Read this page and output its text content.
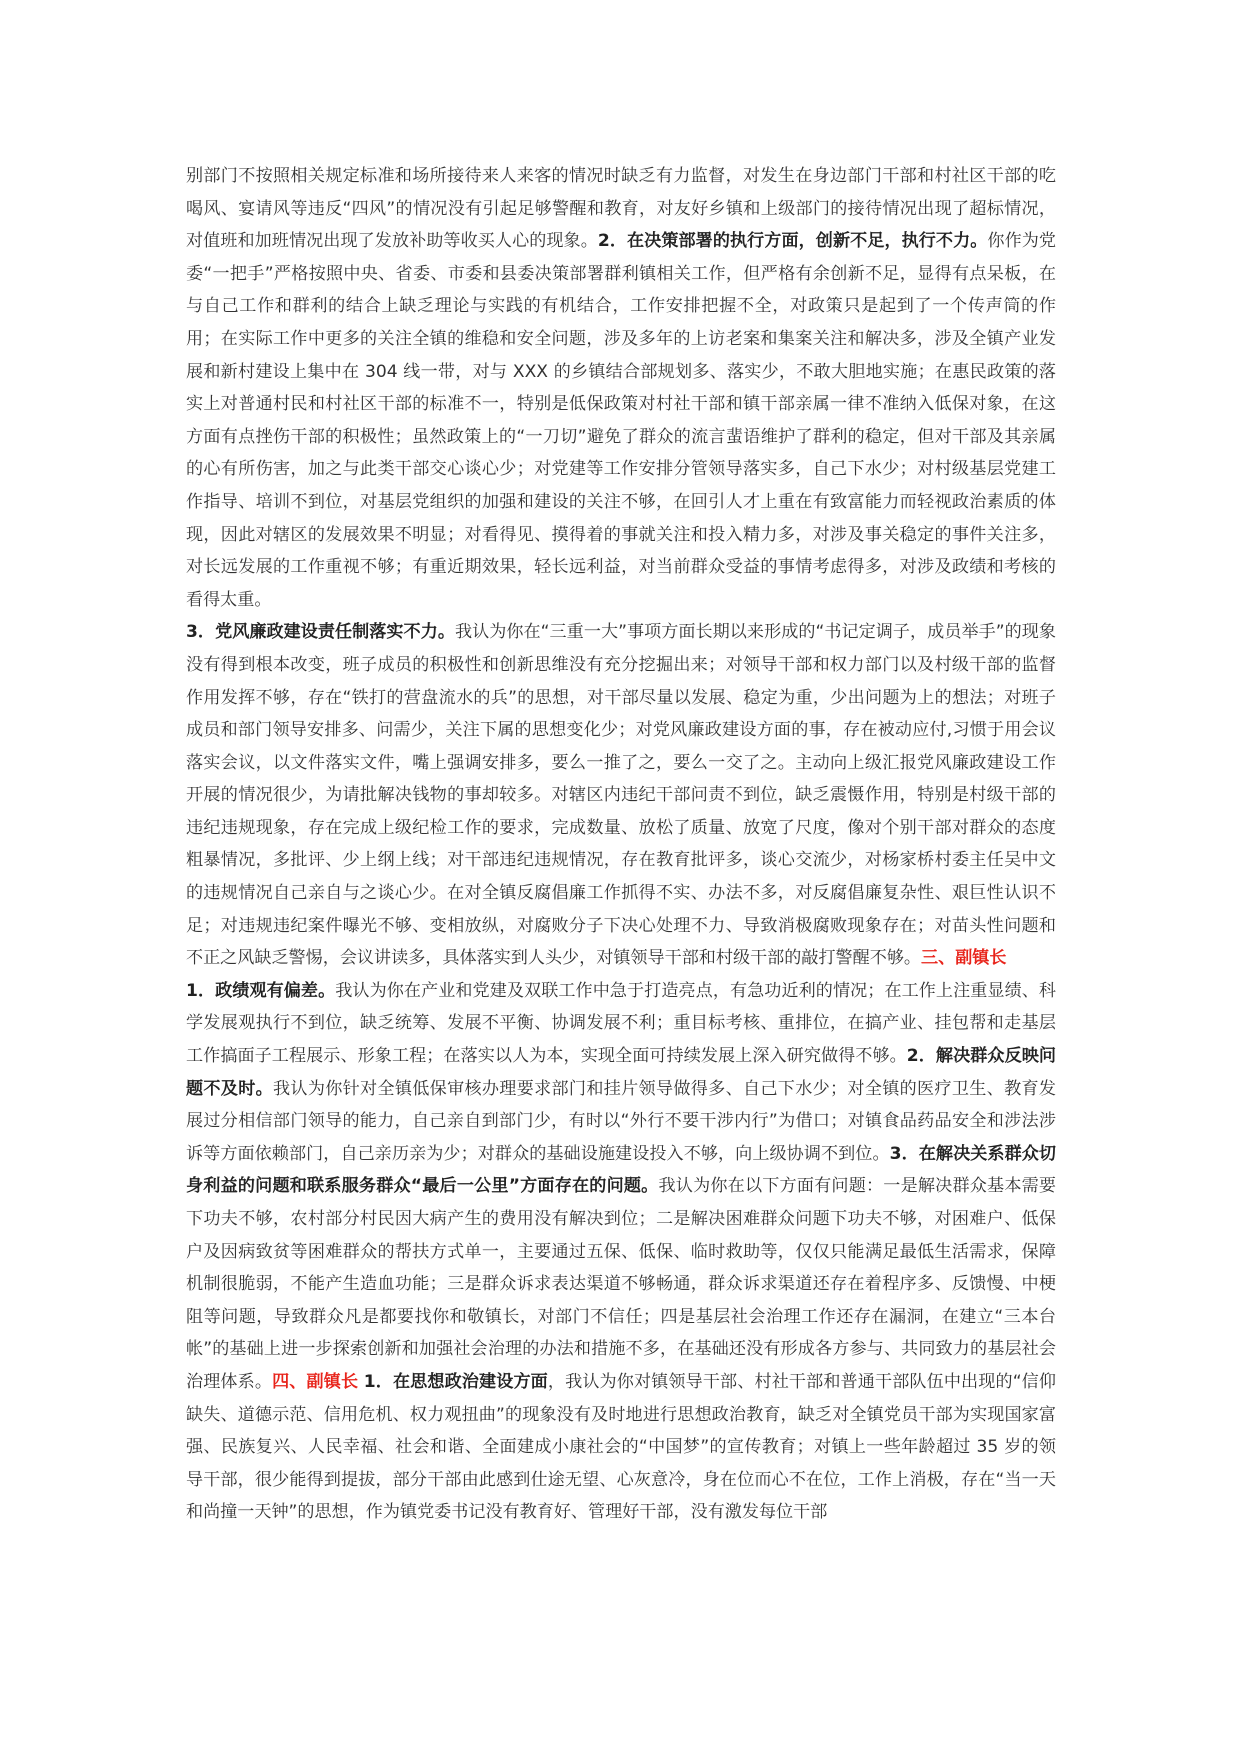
别部门不按照相关规定标准和场所接待来人来客的情况时缺乏有力监督，对发生在身边部门干部和村社区干部的吃喝风、宴请风等违反“四风”的情况没有引起足够警醒和教育，对友好乡镇和上级部门的接待情况出现了超标情况，对值班和加班情况出现了发放补助等收买人心的现象。2．在决策部署的执行方面，创新不足，执行不力。你作为党委“一把手”严格按照中央、省委、市委和县委决策部署群利镇相关工作，但严格有余创新不足，显得有点呆板，在与自己工作和群利的结合上缺乏理论与实践的有机结合，工作安排把握不全，对政策只是起到了一个传声筒的作用；在实际工作中更多的关注全镇的维稳和安全问题，涉及多年的上访老案和集案关注和解决多，涉及全镇产业发展和新村建设上集中在 304 线一带，对与 XXX 的乡镇结合部规划多、落实少，不敢大胆地实施；在惠民政策的落实上对普通村民和村社区干部的标准不一，特别是低保政策对村社干部和镇干部亲属一律不准纳入低保对象，在这方面有点挫伤干部的积极性；虽然政策上的“一刀切”避免了群众的流言蜚语维护了群利的稳定，但对干部及其亲属的心有所伤害，加之与此类干部交心谈心少；对党建等工作安排分管领导落实多，自己下水少；对村级基层党建工作指导、培训不到位，对基层党组织的加强和建设的关注不够，在回引人才上重在有致富能力而轻视政治素质的体现，因此对辖区的发展效果不明显；对看得见、摸得着的事就关注和投入精力多，对涉及事关稳定的事件关注多，对长远发展的工作重视不够；有重近期效果，轻长远利益，对当前群众受益的事情考虑得多，对涉及政绩和考核的看得太重。

3．党风廉政建设责任制落实不力。我认为你在“三重一大”事项方面长期以来形成的“书记定调子，成员举手”的现象没有得到根本改变，班子成员的积极性和创新思维没有充分挖掘出来；对领导干部和权力部门以及村级干部的监督作用发挥不够，存在“铁打的营盘流水的兵”的思想，对干部尽量以发展、稳定为重，少出问题为上的想法；对班子成员和部门领导安排多、问需少，关注下属的思想变化少；对党风廉政建设方面的事，存在被动应付,习惯于用会议落实会议，以文件落实文件，嘴上强调安排多，要么一推了之，要么一交了之。主动向上级汇报党风廉政建设工作开展的情况很少，为请批解决钱物的事却较多。对辖区内违纪干部问责不到位，缺乏震慑作用，特别是村级干部的违纪违规现象，存在完成上级纪检工作的要求，完成数量、放松了质量、放宽了尺度，像对个别干部对群众的态度粗暴情况，多批评、少上纲上线；对干部违纪违规情况，存在教育批评多，谈心交流少，对杨家桥村委主任吴中文的违规情况自己亲自与之谈心少。在对全镇反腐倡廉工作抓得不实、办法不多，对反腐倡廉复杂性、艰巨性认识不足；对违规违纪案件曝光不够、变相放纵，对腐败分子下决心处理不力、导致消极腐败现象存在；对苗头性问题和不正之风缺乏警惕，会议讲读多，具体落实到人头少，对镇领导干部和村级干部的敲打警醒不够。三、副镇长

1．政绩观有偏差。我认为你在产业和党建及双联工作中急于打造亮点，有急功近利的情况；在工作上注重显绩、科学发展观执行不到位，缺乏统筹、发展不平衡、协调发展不利；重目标考核、重排位，在搞产业、挂包帮和走基层工作搞面子工程展示、形象工程；在落实以人为本，实现全面可持续发展上深入研究做得不够。2．解决群众反映问题不及时。我认为你针对全镇低保审核办理要求部门和挂片领导做得多、自己下水少；对全镇的医疗卫生、教育发展过分相信部门领导的能力，自己亲自到部门少，有时以“外行不要干涉内行”为借口；对镇食品药品安全和涉法涉诉等方面依赖部门，自己亲历亲为少；对群众的基础设施建设投入不够，向上级协调不到位。3．在解决关系群众切身利益的问题和联系服务群众“最后一公里”方面存在的问题。我认为你在以下方面有问题：一是解决群众基本需要下功夫不够，农村部分村民因大病产生的费用没有解决到位；二是解决困难群众问题下功夫不够，对困难户、低保户及因病致贫等困难群众的帮扶方式单一，主要通过五保、低保、临时救助等，仅仅只能满足最低生活需求，保障机制很脆弱，不能产生造血功能；三是群众诉求表达渠道不够畅通，群众诉求渠道还存在着程序多、反馈慢、中梗阻等问题，导致群众凡是都要找你和敬镇长，对部门不信任；四是基层社会治理工作还存在漏洞，在建立“三本台帐”的基础上进一步探索创新和加强社会治理的办法和措施不多，在基础还没有形成各方参与、共同致力的基层社会治理体系。四、副镇长 1．在思想政治建设方面，我认为你对镇领导干部、村社干部和普通干部队伍中出现的“信仰缺失、道德示范、信用危机、权力观扭曲”的现象没有及时地进行思想政治教育，缺乏对全镇党员干部为实现国家富强、民族复兴、人民幸福、社会和谐、全面建成小康社会的“中国梦”的宣传教育；对镇上一些年龄超过 35 岁的领导干部，很少能得到提拔，部分干部由此感到仕途无望、心灰意冷，身在位而心不在位，工作上消极，存在“当一天和尚撞一天钟”的思想，作为镇党委书记没有教育好、管理好干部，没有激发每位干部
